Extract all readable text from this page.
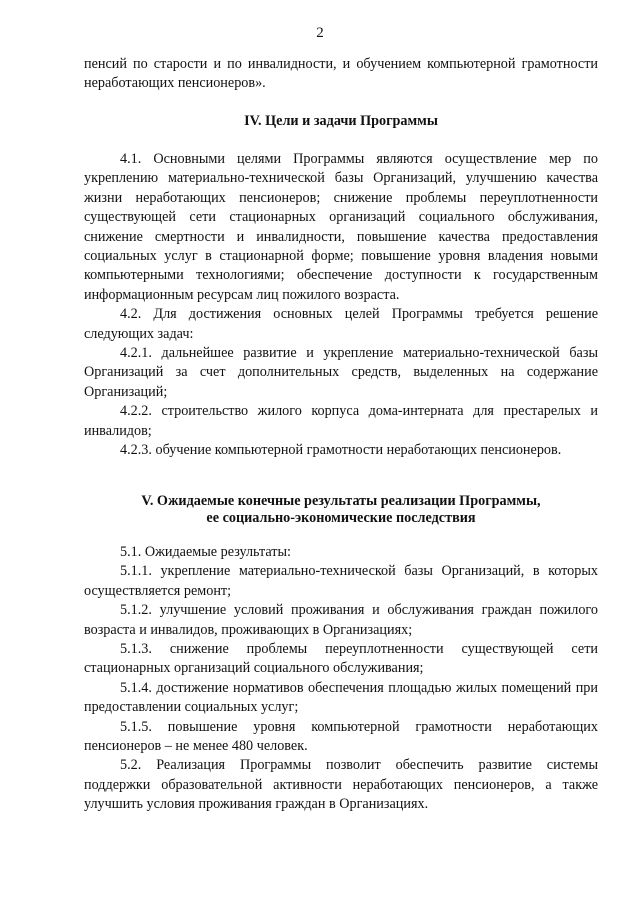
2

пенсий по старости и по инвалидности, и обучением компьютерной грамотности неработающих пенсионеров».

IV. Цели и задачи Программы

4.1. Основными целями Программы являются осуществление мер по укреплению материально-технической базы Организаций, улучшению качества жизни неработающих пенсионеров; снижение проблемы переуплотненности существующей сети стационарных организаций социального обслуживания, снижение смертности и инвалидности, повышение качества предоставления социальных услуг в стационарной форме; повышение уровня владения новыми компьютерными технологиями; обеспечение доступности к государственным информационным ресурсам лиц пожилого возраста.

4.2. Для достижения основных целей Программы требуется решение следующих задач:

4.2.1. дальнейшее развитие и укрепление материально-технической базы Организаций за счет дополнительных средств, выделенных на содержание Организаций;

4.2.2. строительство жилого корпуса дома-интерната для престарелых и инвалидов;

4.2.3. обучение компьютерной грамотности неработающих пенсионеров.

V. Ожидаемые конечные результаты реализации Программы,

ее социально-экономические последствия

5.1. Ожидаемые результаты:

5.1.1. укрепление материально-технической базы Организаций, в которых осуществляется ремонт;

5.1.2. улучшение условий проживания и обслуживания граждан пожилого возраста и инвалидов, проживающих в Организациях;

5.1.3. снижение проблемы переуплотненности существующей сети стационарных организаций социального обслуживания;

5.1.4. достижение нормативов обеспечения площадью жилых помещений при предоставлении социальных услуг;

5.1.5. повышение уровня компьютерной грамотности неработающих пенсионеров – не менее 480 человек.

5.2. Реализация Программы позволит обеспечить развитие системы поддержки образовательной активности неработающих пенсионеров, а также улучшить условия проживания граждан в Организациях.
